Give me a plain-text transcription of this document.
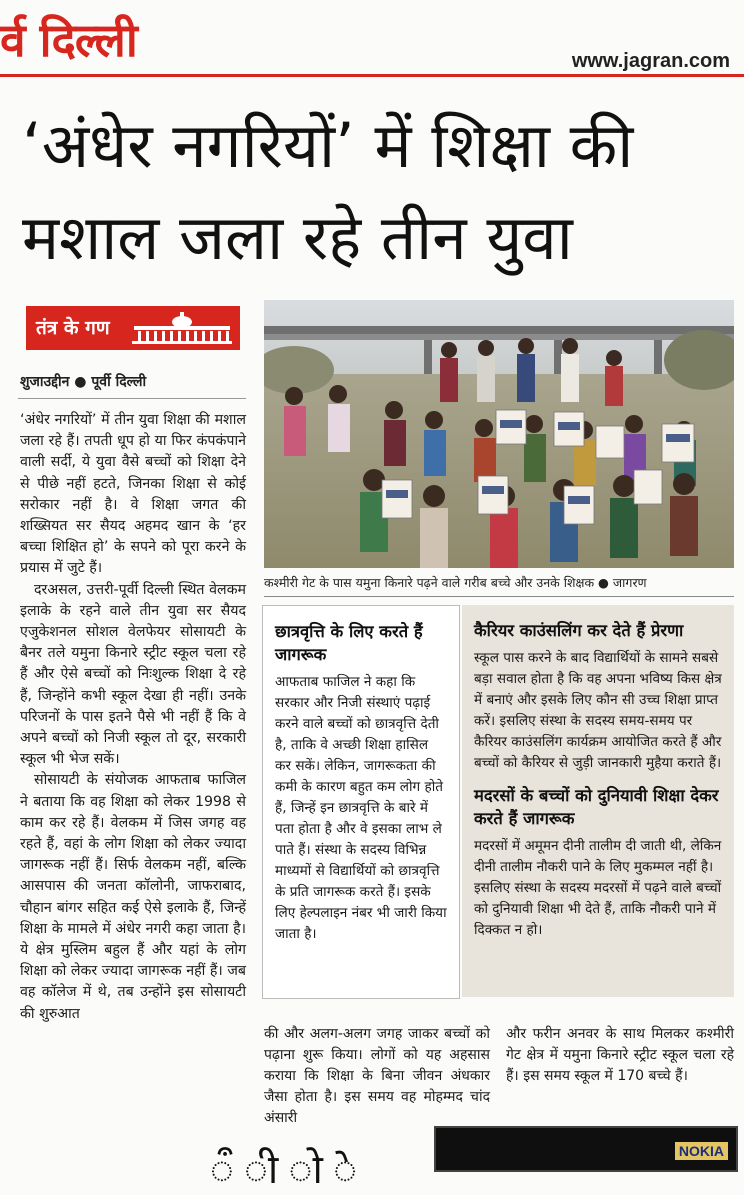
र्व दिल्ली	www.jagran.com
‘अंधेर नगरियों’ में शिक्षा की
मशाल जला रहे तीन युवा
तंत्र के गण
शुजाउद्दीन ● पूर्वी दिल्ली

‘अंधेर नगरियों’ में तीन युवा शिक्षा की मशाल जला रहे हैं। तपती धूप हो या फिर कंपकंपाने वाली सर्दी, ये युवा वैसे बच्चों को शिक्षा देने से पीछे नहीं हटते, जिनका शिक्षा से कोई सरोकार नहीं है। वे शिक्षा जगत की शख्सियत सर सैयद अहमद खान के ‘हर बच्चा शिक्षित हो’ के सपने को पूरा करने के प्रयास में जुटे हैं।

दरअसल, उत्तरी-पूर्वी दिल्ली स्थित वेलकम इलाके के रहने वाले तीन युवा सर सैयद एजुकेशनल सोशल वेलफेयर सोसायटी के बैनर तले यमुना किनारे स्ट्रीट स्कूल चला रहे हैं और ऐसे बच्चों को निःशुल्क शिक्षा दे रहे हैं, जिन्होंने कभी स्कूल देखा ही नहीं। उनके परिजनों के पास इतने पैसे भी नहीं हैं कि वे अपने बच्चों को निजी स्कूल तो दूर, सरकारी स्कूल भी भेज सकें।

सोसायटी के संयोजक आफताब फाजिल ने बताया कि वह शिक्षा को लेकर 1998 से काम कर रहे हैं। वेलकम में जिस जगह वह रहते हैं, वहां के लोग शिक्षा को लेकर ज्यादा जागरूक नहीं हैं। सिर्फ वेलकम नहीं, बल्कि आसपास की जनता कॉलोनी, जाफराबाद, चौहान बांगर सहित कई ऐसे इलाके हैं, जिन्हें शिक्षा के मामले में अंधेर नगरी कहा जाता है। ये क्षेत्र मुस्लिम बहुल हैं और यहां के लोग शिक्षा को लेकर ज्यादा जागरूक नहीं हैं। जब वह कॉलेज में थे, तब उन्होंने इस सोसायटी की शुरुआत

कश्मीरी गेट के पास यमुना किनारे पढ़ने वाले गरीब बच्चे और उनके शिक्षक ● जागरण
छात्रवृत्ति के लिए करते हैं जागरूक
आफताब फाजिल ने कहा कि सरकार और निजी संस्थाएं पढ़ाई करने वाले बच्चों को छात्रवृत्ति देती है, ताकि वे अच्छी शिक्षा हासिल कर सकें। लेकिन, जागरूकता की कमी के कारण बहुत कम लोग होते हैं, जिन्हें इन छात्रवृत्ति के बारे में पता होता है और वे इसका लाभ ले पाते हैं। संस्था के सदस्य विभिन्न माध्यमों से विद्यार्थियों को छात्रवृत्ति के प्रति जागरूक करते हैं। इसके लिए हेल्पलाइन नंबर भी जारी किया जाता है।
कैरियर काउंसलिंग कर देते हैं प्रेरणा
स्कूल पास करने के बाद विद्यार्थियों के सामने सबसे बड़ा सवाल होता है कि वह अपना भविष्य किस क्षेत्र में बनाएं और इसके लिए कौन सी उच्च शिक्षा प्राप्त करें। इसलिए संस्था के सदस्य समय-समय पर कैरियर काउंसलिंग कार्यक्रम आयोजित करते हैं और बच्चों को कैरियर से जुड़ी जानकारी मुहैया कराते हैं।
मदरसों के बच्चों को दुनियावी शिक्षा देकर करते हैं जागरूक
मदरसों में अमूमन दीनी तालीम दी जाती थी, लेकिन दीनी तालीम नौकरी पाने के लिए मुकम्मल नहीं है। इसलिए संस्था के सदस्य मदरसों में पढ़ने वाले बच्चों को दुनियावी शिक्षा भी देते हैं, ताकि नौकरी पाने में दिक्कत न हो।
की और अलग-अलग जगह जाकर बच्चों को पढ़ाना शुरू किया। लोगों को यह अहसास कराया कि शिक्षा के बिना जीवन अंधकार जैसा होता है। इस समय वह मोहम्मद चांद अंसारी
और फरीन अनवर के साथ मिलकर कश्मीरी गेट क्षेत्र में यमुना किनारे स्ट्रीट स्कूल चला रहे हैं। इस समय स्कूल में 170 बच्चे हैं।
NOKIA
ऀ ी ो े
